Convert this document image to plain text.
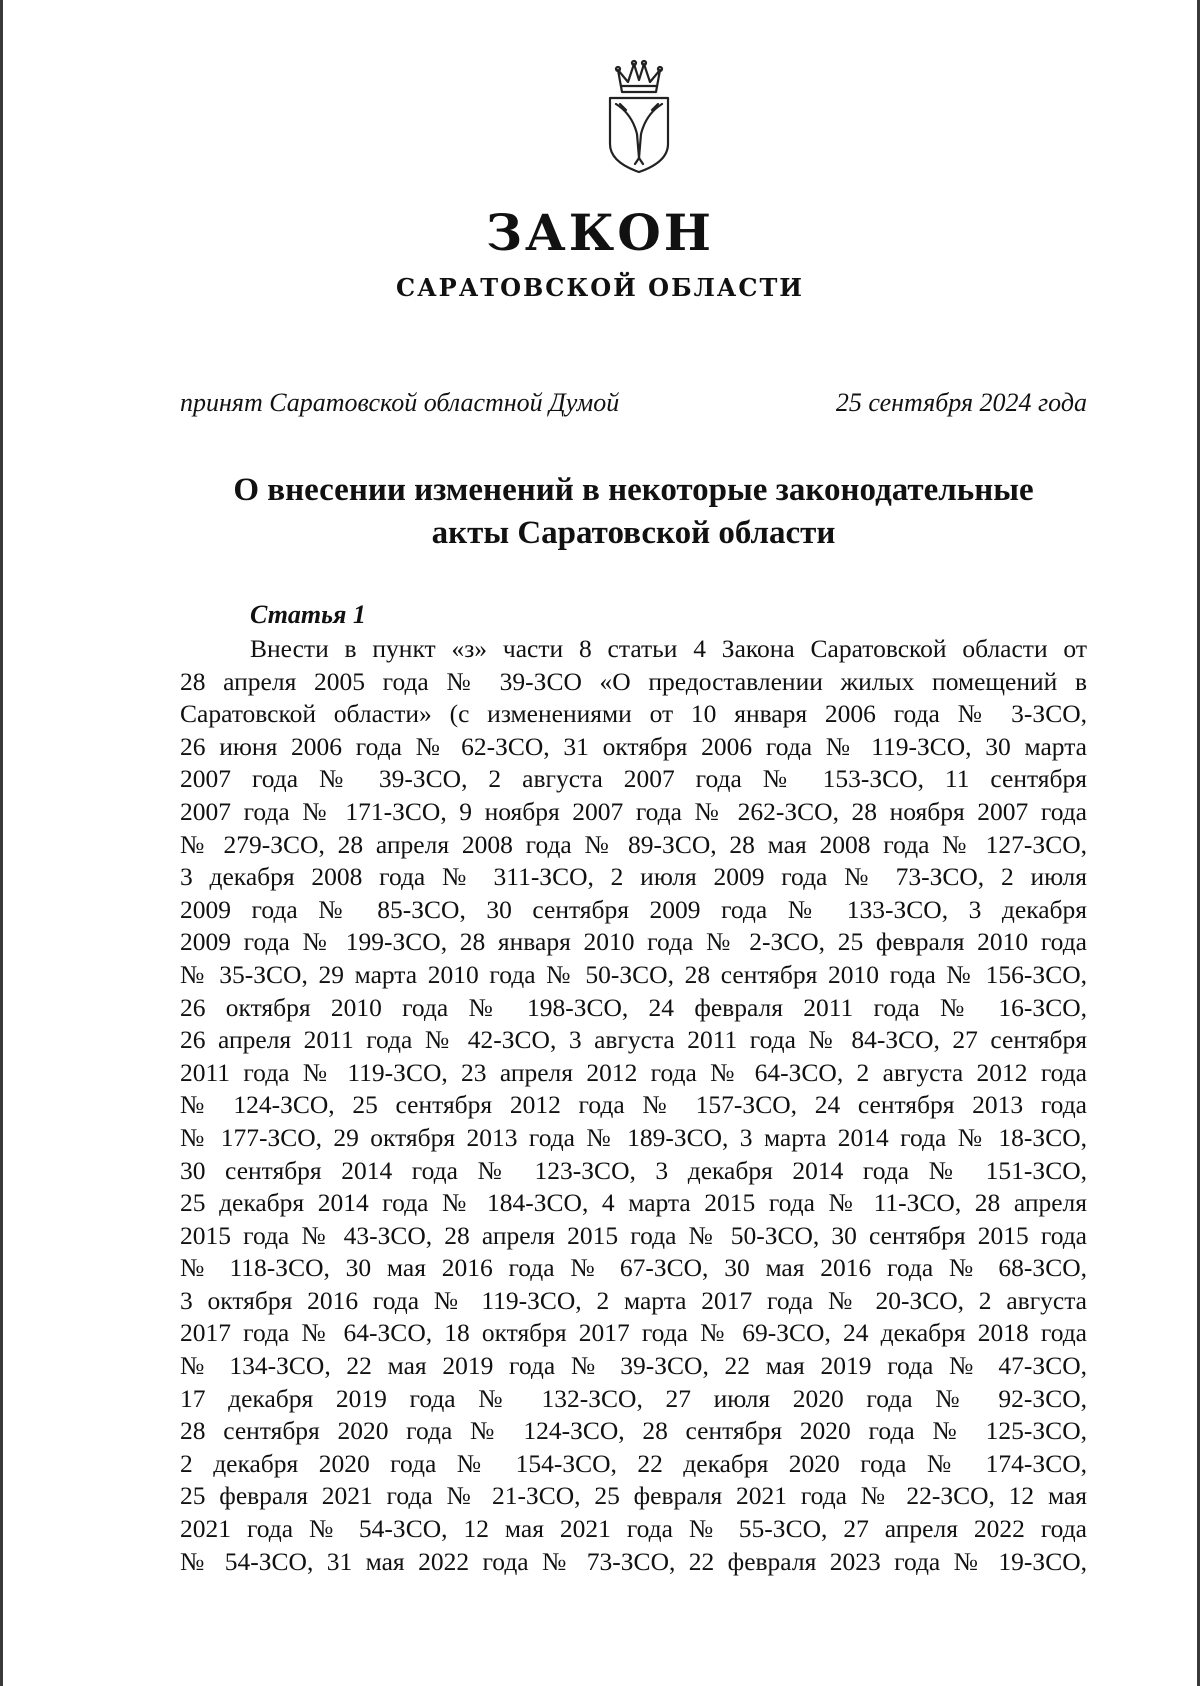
ЗАКОН
САРАТОВСКОЙ ОБЛАСТИ
принят Саратовской областной Думой	25 сентября 2024 года
О внесении изменений в некоторые законодательные
акты Саратовской области
Статья 1
Внести в пункт «з» части 8 статьи 4 Закона Саратовской области от
28 апреля 2005 года № 39-ЗСО «О предоставлении жилых помещений в
Саратовской области» (с изменениями от 10 января 2006 года № 3-ЗСО,
26 июня 2006 года № 62-ЗСО, 31 октября 2006 года № 119-ЗСО, 30 марта
2007 года № 39-ЗСО, 2 августа 2007 года № 153-ЗСО, 11 сентября
2007 года № 171-ЗСО, 9 ноября 2007 года № 262-ЗСО, 28 ноября 2007 года
№ 279-ЗСО, 28 апреля 2008 года № 89-ЗСО, 28 мая 2008 года № 127-ЗСО,
3 декабря 2008 года № 311-ЗСО, 2 июля 2009 года № 73-ЗСО, 2 июля
2009 года № 85-ЗСО, 30 сентября 2009 года № 133-ЗСО, 3 декабря
2009 года № 199-ЗСО, 28 января 2010 года № 2-ЗСО, 25 февраля 2010 года
№ 35-ЗСО, 29 марта 2010 года № 50-ЗСО, 28 сентября 2010 года № 156-ЗСО,
26 октября 2010 года № 198-ЗСО, 24 февраля 2011 года № 16-ЗСО,
26 апреля 2011 года № 42-ЗСО, 3 августа 2011 года № 84-ЗСО, 27 сентября
2011 года № 119-ЗСО, 23 апреля 2012 года № 64-ЗСО, 2 августа 2012 года
№ 124-ЗСО, 25 сентября 2012 года № 157-ЗСО, 24 сентября 2013 года
№ 177-ЗСО, 29 октября 2013 года № 189-ЗСО, 3 марта 2014 года № 18-ЗСО,
30 сентября 2014 года № 123-ЗСО, 3 декабря 2014 года № 151-ЗСО,
25 декабря 2014 года № 184-ЗСО, 4 марта 2015 года № 11-ЗСО, 28 апреля
2015 года № 43-ЗСО, 28 апреля 2015 года № 50-ЗСО, 30 сентября 2015 года
№ 118-ЗСО, 30 мая 2016 года № 67-ЗСО, 30 мая 2016 года № 68-ЗСО,
3 октября 2016 года № 119-ЗСО, 2 марта 2017 года № 20-ЗСО, 2 августа
2017 года № 64-ЗСО, 18 октября 2017 года № 69-ЗСО, 24 декабря 2018 года
№ 134-ЗСО, 22 мая 2019 года № 39-ЗСО, 22 мая 2019 года № 47-ЗСО,
17 декабря 2019 года № 132-ЗСО, 27 июля 2020 года № 92-ЗСО,
28 сентября 2020 года № 124-ЗСО, 28 сентября 2020 года № 125-ЗСО,
2 декабря 2020 года № 154-ЗСО, 22 декабря 2020 года № 174-ЗСО,
25 февраля 2021 года № 21-ЗСО, 25 февраля 2021 года № 22-ЗСО, 12 мая
2021 года № 54-ЗСО, 12 мая 2021 года № 55-ЗСО, 27 апреля 2022 года
№ 54-ЗСО, 31 мая 2022 года № 73-ЗСО, 22 февраля 2023 года № 19-ЗСО,
